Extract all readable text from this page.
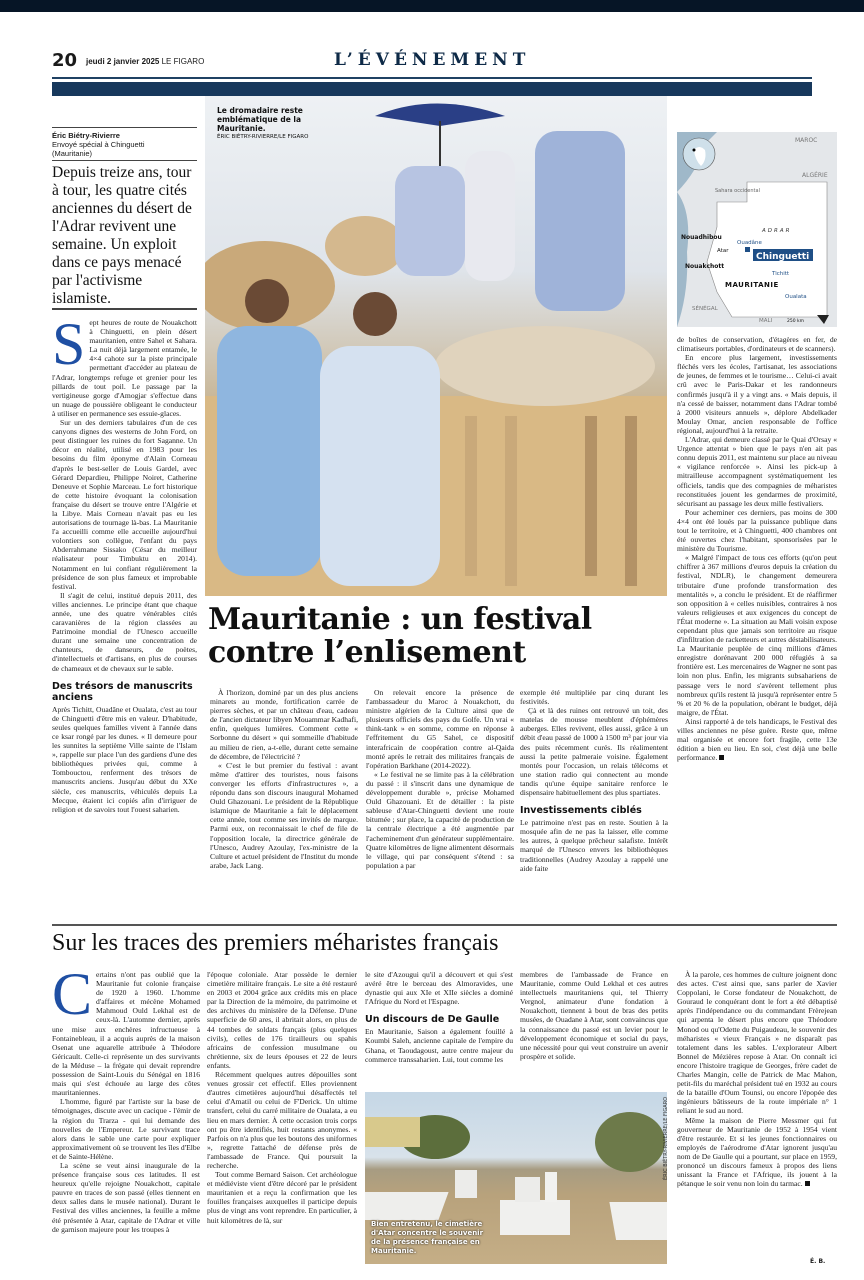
20 jeudi 2 janvier 2025 LE FIGARO	L’ÉVÉNEMENT
Éric Biétry-Rivierre
Envoyé spécial à Chinguetti
(Mauritanie)
Depuis treize ans, tour à tour, les quatre cités anciennes du désert de l'Adrar revivent une semaine. Un exploit dans ce pays menacé par l'activisme islamiste.
S ept heures de route de Nouakchott à Chinguetti, en plein désert mauritanien, entre Sahel et Sahara. La nuit déjà largement entamée, le 4×4 cahote sur la piste principale permettant d'accéder au plateau de l'Adrar, longtemps refuge et grenier pour les pillards de tout poil. Le passage par la vertigineuse gorge d'Amogjar s'effectue dans un nuage de poussière obligeant le conducteur à utiliser en permanence ses essuie-glaces.

Sur un des derniers tabulaires d'un de ces canyons dignes des westerns de John Ford, on peut distinguer les ruines du fort Saganne. Un décor en réalité, utilisé en 1983 pour les besoins du film éponyme d'Alain Corneau d'après le best-seller de Louis Gardel, avec Gérard Depardieu, Philippe Noiret, Catherine Deneuve et Sophie Marceau. Le fort historique de cette histoire évoquant la colonisation française du désert se trouve entre l'Algérie et la Libye. Mais Corneau n'avait pas eu les autorisations de tournage là-bas. La Mauritanie l'a accueilli comme elle accueille aujourd'hui volontiers son collègue, l'enfant du pays Abderrahmane Sissako (César du meilleur réalisateur pour Timbuktu en 2014). Notamment en lui confiant régulièrement la présidence de son plus fameux et improbable festival.

Il s'agit de celui, institué depuis 2011, des villes anciennes. Le principe étant que chaque année, une des quatre vénérables cités caravanières de la région classées au Patrimoine mondial de l'Unesco accueille durant une semaine une concentration de chanteurs, de danseurs, de poètes, d'intellectuels et d'artisans, en plus de courses de chameaux et de chevaux sur le sable.

Des trésors de manuscrits anciens

Après Tichitt, Ouadâne et Oualata, c'est au tour de Chinguetti d'être mis en valeur. D'habitude, seules quelques familles vivent à l'année dans ce ksar rongé par les dunes. « Il demeure pour les sunnites la septième Ville sainte de l'Islam », rappelle sur place l'un des gardiens d'une des bibliothèques privées qui, comme à Tombouctou, renferment des trésors de manuscrits anciens. Jusqu'au début du XXe siècle, ces manuscrits, véhiculés depuis La Mecque, étaient ici copiés afin d'irriguer de religion et de savoirs tout l'ouest saharien.

Le dromadaire reste emblématique de la Mauritanie.
ÉRIC BIÉTRY-RIVIERRE/LE FIGARO	MAROC
ALGÉRIE
Sahara occidental
ADRAR
Nouadhibou
Ouadâne
Atar
Chinguetti
Nouakchott
Tichitt
MAURITANIE
Oualata
SÉNÉGAL
MALI	250 km

de boîtes de conservation, d'étagères en fer, de climatiseurs portables, d'ordinateurs et de scanners).

En encore plus largement, investissements fléchés vers les écoles, l'artisanat, les associations de jeunes, de femmes et le tourisme… Celui-ci avait crû avec le Paris-Dakar et les randonneurs confirmés jusqu'à il y a vingt ans. « Mais depuis, il n'a cessé de baisser, notamment dans l'Adrar tombé à 2000 visiteurs annuels », déplore Abdelkader Moulay Omar, ancien responsable de l'office régional, aujourd'hui à la retraite.

L'Adrar, qui demeure classé par le Quai d'Orsay « Urgence attentat » bien que le pays n'en ait pas connu depuis 2011, est maintenu sur place au niveau « vigilance renforcée ». Ainsi les pick-up à mitrailleuse accompagnent systématiquement les officiels, tandis que des compagnies de méharistes reconstituées jouent les gendarmes de proximité, sécurisant au passage les deux mille festivaliers.

Pour acheminer ces derniers, pas moins de 300 4×4 ont été loués par la puissance publique dans tout le territoire, et à Chinguetti, 400 chambres ont été ouvertes chez l'habitant, sponsorisées par le ministère du Tourisme.

« Malgré l'impact de tous ces efforts (qu'on peut chiffrer à 367 millions d'euros depuis la création du festival, NDLR), le changement demeurera tributaire d'une profonde transformation des mentalités », a conclu le président. Et de réaffirmer son opposition à « celles nuisibles, contraires à nos valeurs religieuses et aux exigences du concept de l'État moderne ». La situation au Mali voisin expose cependant plus que jamais son territoire au risque d'infiltration de racketteurs et autres déstabilisateurs. La Mauritanie peuplée de cinq millions d'âmes enregistre dorénavant 200 000 réfugiés à sa frontière est. Les mercenaires de Wagner ne sont pas loin non plus. Enfin, les migrants subsahariens de passage vers le nord s'avèrent tellement plus nombreux qu'ils restent là jusqu'à représenter entre 5 % et 20 % de la population, obérant le budget, déjà maigre, de l'État.

Ainsi rapporté à de tels handicaps, le Festival des villes anciennes ne pèse guère. Reste que, même mal organisée et encore fort fragile, cette 13e édition a bien eu lieu. En soi, c'est déjà une belle performance.

Mauritanie : un festival contre l’enlisement

À l'horizon, dominé par un des plus anciens minarets au monde, fortification carrée de pierres sèches, et par un château d'eau, cadeau de l'ancien dictateur libyen Mouammar Kadhafi, enfin, quelques lumières. Comment cette « Sorbonne du désert » qui sommeille d'habitude au milieu de rien, a-t-elle, durant cette semaine de décembre, de l'électricité ?

« C'est le but premier du festival : avant même d'attirer des touristes, nous faisons converger les efforts d'infrastructures », a répondu dans son discours inaugural Mohamed Ould Ghazouani. Le président de la République islamique de Mauritanie a fait le déplacement cette année, tout comme ses invités de marque. Parmi eux, on reconnaissait le chef de file de l'opposition locale, la directrice générale de l'Unesco, Audrey Azoulay, l'ex-ministre de la Culture et actuel président de l'Institut du monde arabe, Jack Lang.

On relevait encore la présence de l'ambassadeur du Maroc à Nouakchott, du ministre algérien de la Culture ainsi que de plusieurs officiels des pays du Golfe. Un vrai « think-tank » en somme, comme en réponse à l'effritement du G5 Sahel, ce dispositif interafricain de coopération contre al-Qaida monté après le retrait des militaires français de l'opération Barkhane (2014-2022).

« Le festival ne se limite pas à la célébration du passé : il s'inscrit dans une dynamique de développement durable », précise Mohamed Ould Ghazouani. Et de détailler : la piste sableuse d'Atar-Chinguetti devient une route bitumée ; sur place, la capacité de production de la centrale électrique a été augmentée par l'acheminement d'un générateur supplémentaire. Quatre kilomètres de ligne alimentent désormais le village, qui par conséquent s'étend : sa population a par

exemple été multipliée par cinq durant les festivités.

Çà et là des ruines ont retrouvé un toit, des matelas de mousse meublent d'éphémères auberges. Elles revivent, elles aussi, grâce à un débit d'eau passé de 1000 à 1500 m³ par jour via des puits récemment curés. Ils réalimentent aussi la petite palmeraie voisine. Également montés pour l'occasion, un relais télécoms et une station radio qui connectent au monde tandis qu'une équipe sanitaire renforce le dispensaire habituellement des plus spartiates.

Investissements ciblés

Le patrimoine n'est pas en reste. Soutien à la mosquée afin de ne pas la laisser, elle comme les autres, à quelque prêcheur salafiste. Intérêt marqué de l'Unesco envers les bibliothèques traditionnelles (Audrey Azoulay a rappelé une aide faite

Sur les traces des premiers méharistes français
C ertains n'ont pas oublié que la Mauritanie fut colonie française de 1920 à 1960. L'homme d'affaires et mécène Mohamed Mahmoud Ould Lekhal est de ceux-là. L'automne dernier, après une mise aux enchères infructueuse à Fontainebleau, il a acquis auprès de la maison Osenat une aquarelle attribuée à Théodore Géricault. Celle-ci représente un des survivants de la Méduse – la frégate qui devait reprendre possession de Saint-Louis du Sénégal en 1816 mais qui s'est échouée au large des côtes mauritaniennes.

L'homme, figuré par l'artiste sur la base de témoignages, discute avec un cacique - l'émir de la région du Trarza - qui lui demande des nouvelles de l'Empereur. Le survivant trace alors dans le sable une carte pour expliquer approximativement où se trouvent les îles d'Elbe et de Sainte-Hélène.

La scène se veut ainsi inaugurale de la présence française sous ces latitudes. Il est heureux qu'elle rejoigne Nouakchott, capitale pauvre en traces de son passé (elles tiennent en deux salles dans le musée national). Durant le Festival des villes anciennes, la feuille a même été présentée à Atar, capitale de l'Adrar et ville de garnison majeure pour les troupes à

l'époque coloniale. Atar possède le dernier cimetière militaire français. Le site a été restauré en 2003 et 2004 grâce aux crédits mis en place par la Direction de la mémoire, du patrimoine et des archives du ministère de la Défense. D'une superficie de 60 ares, il abritait alors, en plus de 44 tombes de soldats français (plus quelques civils), celles de 176 tirailleurs ou spahis africains de confession musulmane ou chrétienne, six de leurs épouses et 22 de leurs enfants.

Récemment quelques autres dépouilles sont venues grossir cet effectif. Elles proviennent d'autres cimetières aujourd'hui désaffectés tel celui d'Amatil ou celui de F'Derick. Un ultime transfert, celui du carré militaire de Oualata, a eu lieu en mars dernier. À cette occasion trois corps ont pu être identifiés, huit restants anonymes. « Parfois on n'a plus que les boutons des uniformes », regrette l'attaché de défense près de l'ambassade de France. Qui poursuit la recherche.

Tout comme Bernard Saison. Cet archéologue et médiéviste vient d'être décoré par le président mauritanien et a reçu la confirmation que les fouilles françaises auxquelles il participe depuis plus de vingt ans vont reprendre. En particulier, à huit kilomètres de là, sur

le site d'Azougui qu'il a découvert et qui s'est avéré être le berceau des Almoravides, une dynastie qui aux XIe et XIIe siècles a dominé l'Afrique du Nord et l'Espagne.

Un discours de De Gaulle

En Mauritanie, Saison a également fouillé à Koumbi Saleh, ancienne capitale de l'empire du Ghana, et Taoudagoust, autre centre majeur du commerce transsaharien. Lui, tout comme les

membres de l'ambassade de France en Mauritanie, comme Ould Lekhal et ces autres intellectuels mauritaniens qui, tel Thierry Vergnol, animateur d'une fondation à Nouakchott, tiennent à bout de bras des petits musées, de Ouadane à Atar, sont convaincus que la connaissance du passé est un levier pour le développement économique et social du pays, une nécessité pour qui veut construire un avenir prospère et solide.

Bien entretenu, le cimetière d'Atar concentre le souvenir de la présence française en Mauritanie.
ÉRIC BIÉTRY-RIVIERRE/LE FIGARO

À la parole, ces hommes de culture joignent donc des actes. C'est ainsi que, sans parler de Xavier Coppolani, le Corse fondateur de Nouakchott, de Gouraud le conquérant dont le fort a été débaptisé après l'indépendance ou du commandant Frèrejean qui arpenta le désert plus encore que Théodore Monod ou qu'Odette du Puigaudeau, le souvenir des méharistes « vieux Français » ne disparaît pas totalement dans les sables. L'explorateur Albert Bonnel de Mézières repose à Atar. On connaît ici encore l'histoire tragique de Georges, frère cadet de Charles Mangin, celle de Patrick de Mac Mahon, petit-fils du maréchal président tué en 1932 au cours de la bataille d'Oum Tounsi, ou encore l'épopée des ingénieurs bâtisseurs de la route impériale n° 1 reliant le sud au nord.

Même la maison de Pierre Messmer qui fut gouverneur de Mauritanie de 1952 à 1954 vient d'être restaurée. Et si les jeunes fonctionnaires ou employés de l'aérodrome d'Atar ignorent jusqu'au nom de De Gaulle qui a pourtant, sur place en 1959, prononcé un discours fameux à propos des liens unissant la France et l'Afrique, ils jouent à la pétanque le soir venu non loin du tarmac.

É. B.
